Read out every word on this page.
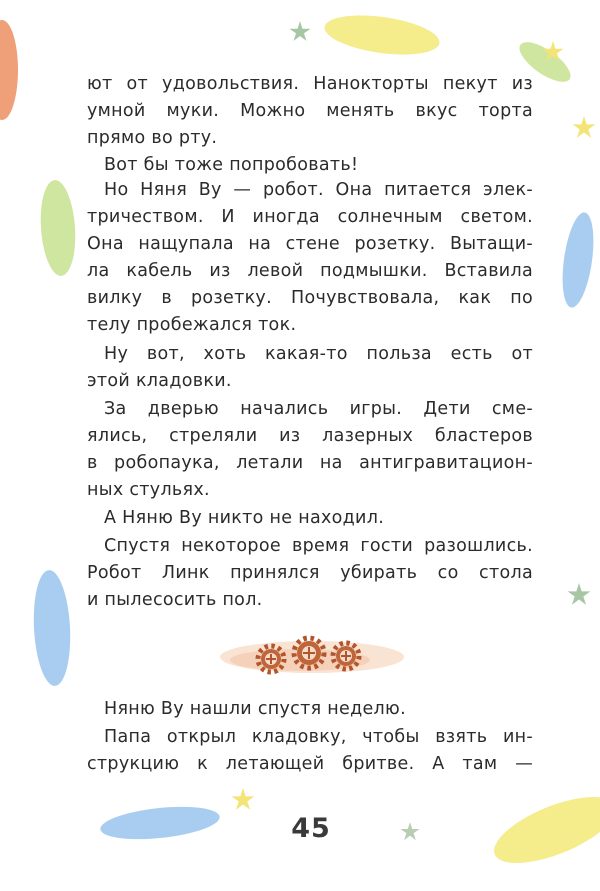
ют от удовольствия. Нанокторты пекут из
умной муки. Можно менять вкус торта
прямо во рту.
Вот бы тоже попробовать!
Но Няня Ву — робот. Она питается элек-
тричеством. И иногда солнечным светом.
Она нащупала на стене розетку. Вытащи-
ла кабель из левой подмышки. Вставила
вилку в розетку. Почувствовала, как по
телу пробежался ток.
Ну вот, хоть какая-то польза есть от
этой кладовки.
За дверью начались игры. Дети сме-
ялись, стреляли из лазерных бластеров
в робопаука, летали на антигравитацион-
ных стульях.
А Няню Ву никто не находил.
Спустя некоторое время гости разошлись.
Робот Линк принялся убирать со стола
и пылесосить пол.
Няню Ву нашли спустя неделю.
Папа открыл кладовку, чтобы взять ин-
струкцию к летающей бритве. А там —
45
